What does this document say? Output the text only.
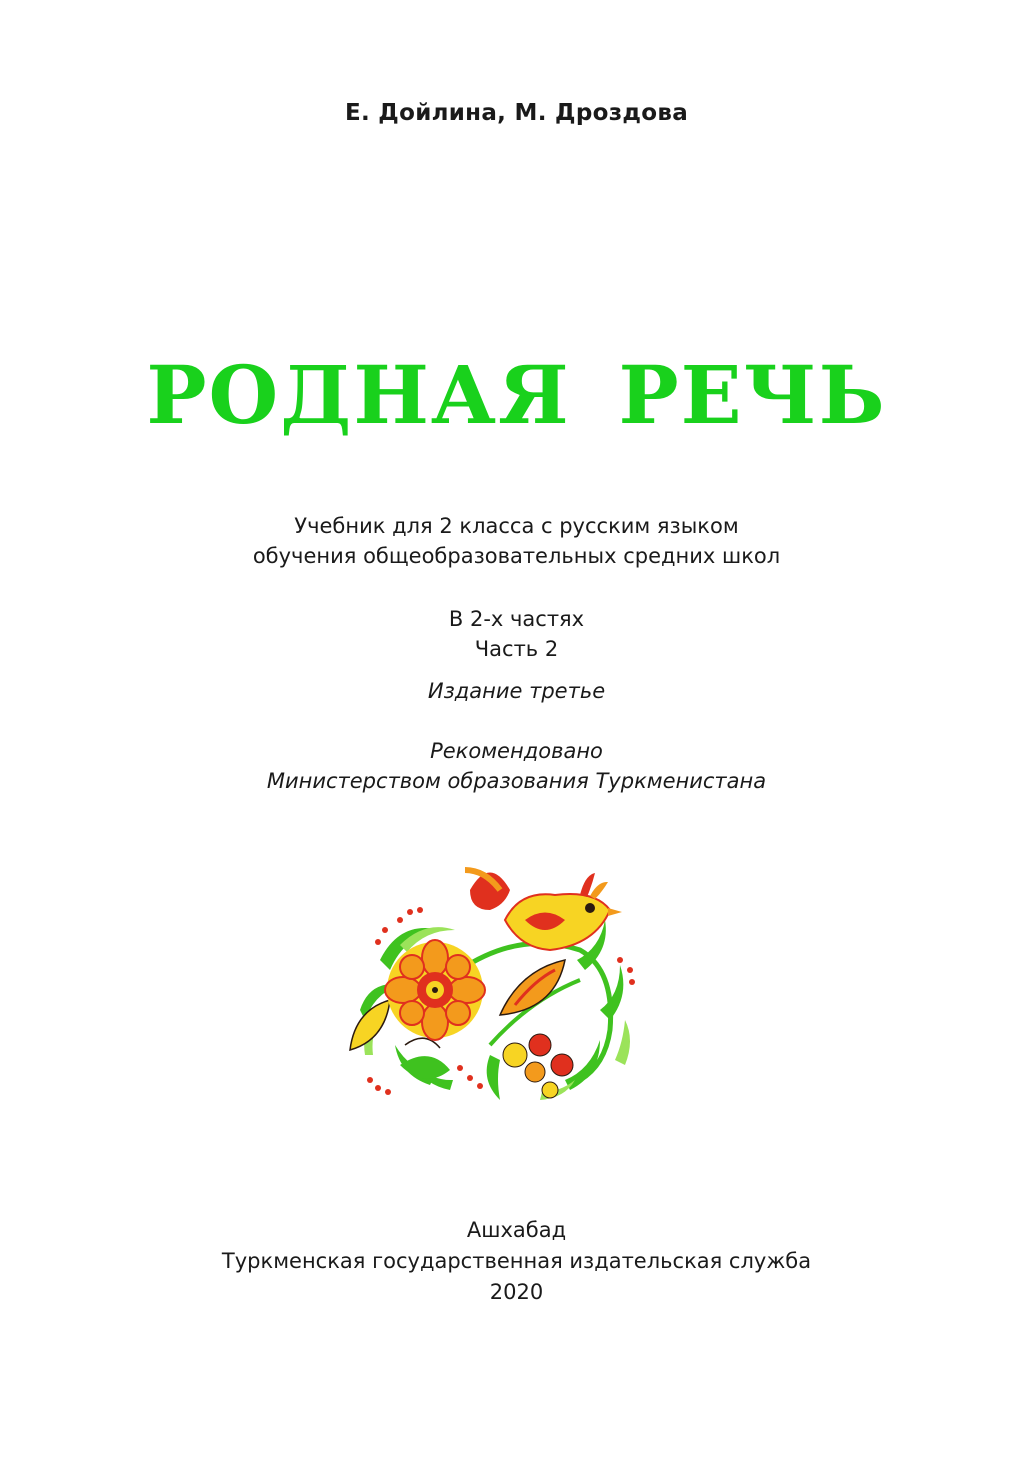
Е. Дойлина, М. Дроздова
РОДНАЯ РЕЧЬ
Учебник для 2 класса с русским языком
обучения общеобразовательных средних школ
В 2-х частях
Часть 2
Издание третье
Рекомендовано
Министерством образования Туркменистана
Ашхабад
Туркменская государственная издательская служба
2020
